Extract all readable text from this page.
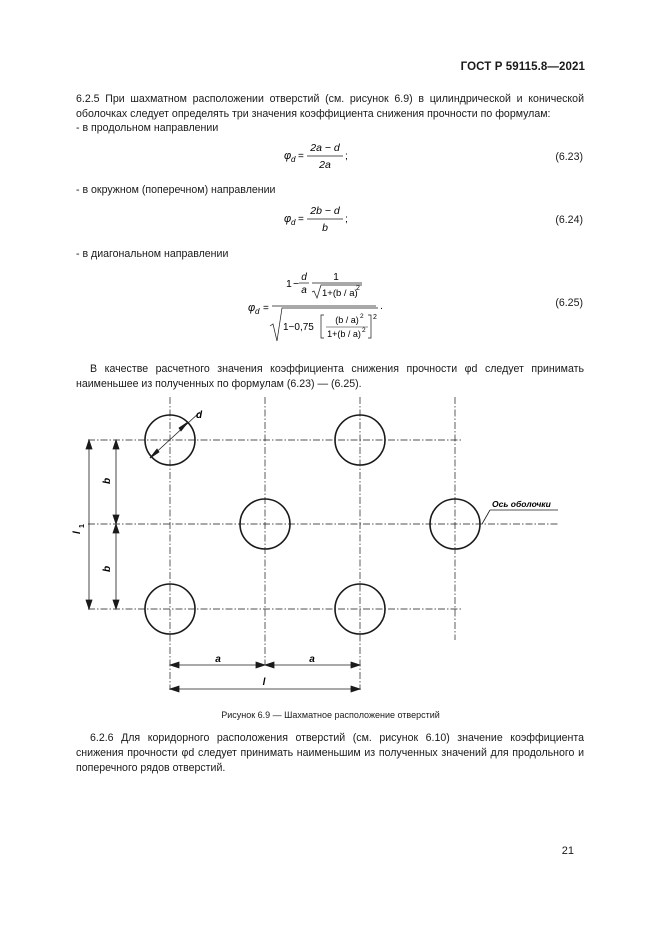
ГОСТ Р 59115.8—2021

6.2.5 При шахматном расположении отверстий (см. рисунок 6.9) в цилиндрической и конической оболочках следует определять три значения коэффициента снижения прочности по формулам:

- в продольном направлении
φ d =
2a − d
2a
;	(6.23)
- в окружном (поперечном) направлении
φ d =
2b − d
b
;	(6.24)
- в диагональном направлении
φ d =
1 −
d
a
1
1+(b / a)
2
1−0,75
(b / a) 2
1+(b / a) 2
2
.	(6.25)

В качестве расчетного значения коэффициента снижения прочности φd следует принимать наименьшее из полученных по формулам (6.23) — (6.25).

d
b
b
l
1
a	a
l
Ось оболочки
Рисунок 6.9 — Шахматное расположение отверстий

6.2.6 Для коридорного расположения отверстий (см. рисунок 6.10) значение коэффициента снижения прочности φd следует принимать наименьшим из полученных значений для продольного и поперечного рядов отверстий.

21
